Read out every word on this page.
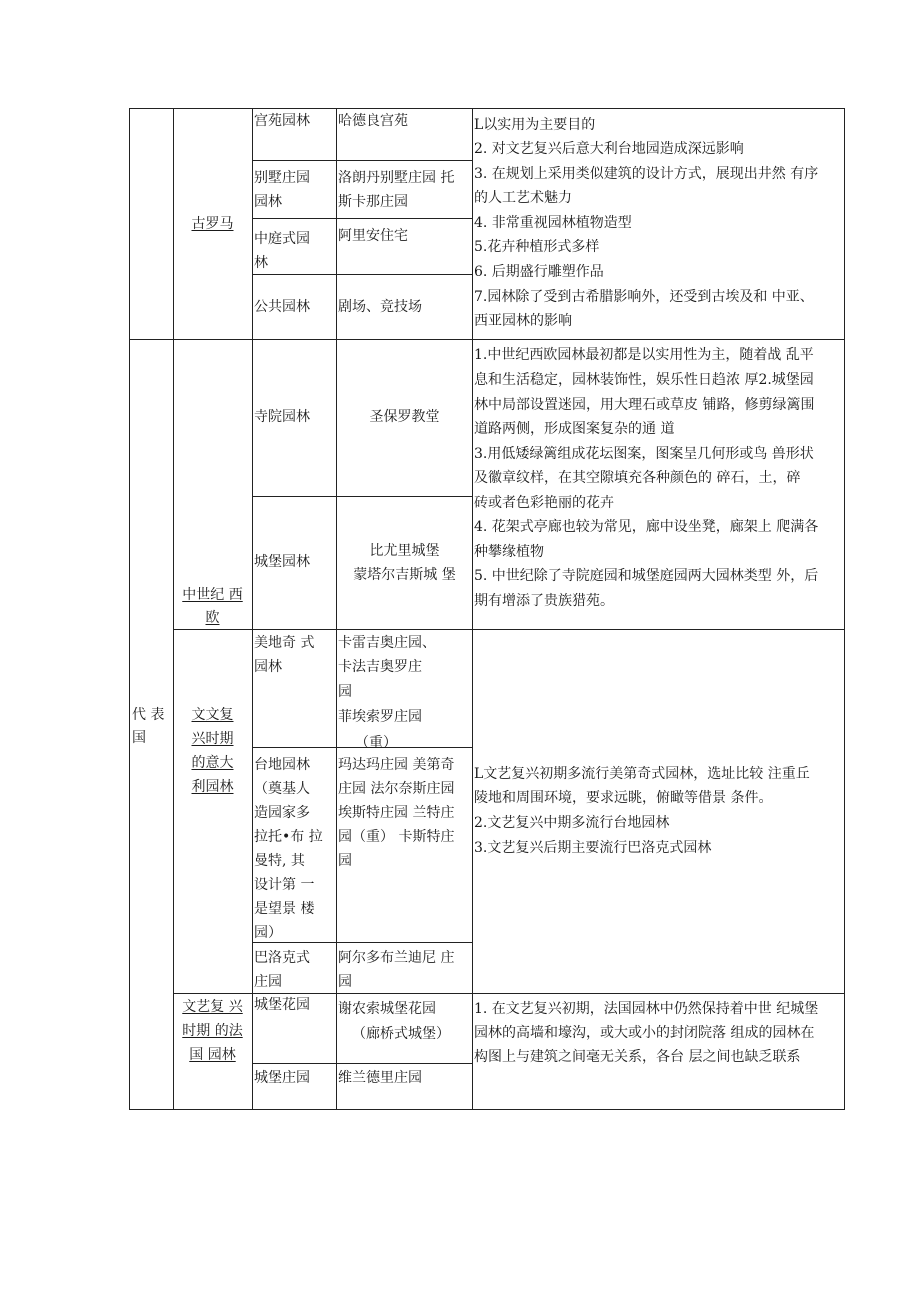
代 表
国
古罗马
宫苑园林 哈德良宫苑
别墅庄园
园林
洛朗丹别墅庄园 托
斯卡那庄园
中庭式园
林
阿里安住宅
公共园林 剧场、竞技场
L以实用为主要目的
2. 对文艺复兴后意大利台地园造成深远影响
3. 在规划上采用类似建筑的设计方式，展现出井然 有序
的人工艺术魅力
4. 非常重视园林植物造型
5.花卉种植形式多样
6. 后期盛行雕塑作品
7.园林除了受到古希腊影响外，还受到古埃及和 中亚、
西亚园林的影响
中世纪 西
欧
寺院园林	圣保罗教堂
城堡园林
比尤里城堡
蒙塔尔吉斯城 堡
1.中世纪西欧园林最初都是以实用性为主，随着战 乱平
息和生活稳定，园林装饰性，娱乐性日趋浓 厚2.城堡园
林中局部设置迷园，用大理石或草皮 铺路，修剪绿篱围
道路两侧，形成图案复杂的通 道
3.用低矮绿篱组成花坛图案，图案呈几何形或鸟 兽形状
及徽章纹样，在其空隙填充各种颜色的 碎石，土，碎
砖或者色彩艳丽的花卉
4. 花架式亭廊也较为常见，廊中设坐凳，廊架上 爬满各
种攀缘植物
5. 中世纪除了寺院庭园和城堡庭园两大园林类型 外，后
期有增添了贵族猎苑。
文文复
兴时期
的意大
利园林
美地奇 式
园林
卡雷吉奥庄园、
卡法吉奥罗庄
园
菲埃索罗庄园
（重）
台地园林
（奠基人
造园家多
拉托•布 拉
曼特, 其
设计第 一
是望景 楼
园）
玛达玛庄园 美第奇
庄园 法尔奈斯庄园
埃斯特庄园 兰特庄
园（重） 卡斯特庄
园
巴洛克式
庄园
阿尔多布兰迪尼 庄
园
L文艺复兴初期多流行美第奇式园林，选址比较 注重丘
陵地和周围环境，要求远眺，俯瞰等借景 条件。
2.文艺复兴中期多流行台地园林
3.文艺复兴后期主要流行巴洛克式园林
文艺复 兴
时期 的法
国 园林
城堡花园 谢农索城堡花园
（廊桥式城堡）
城堡庄园 维兰德里庄园
1. 在文艺复兴初期，法国园林中仍然保持着中世 纪城堡
园林的高墙和壕沟，或大或小的封闭院落 组成的园林在
构图上与建筑之间毫无关系，各台 层之间也缺乏联系
